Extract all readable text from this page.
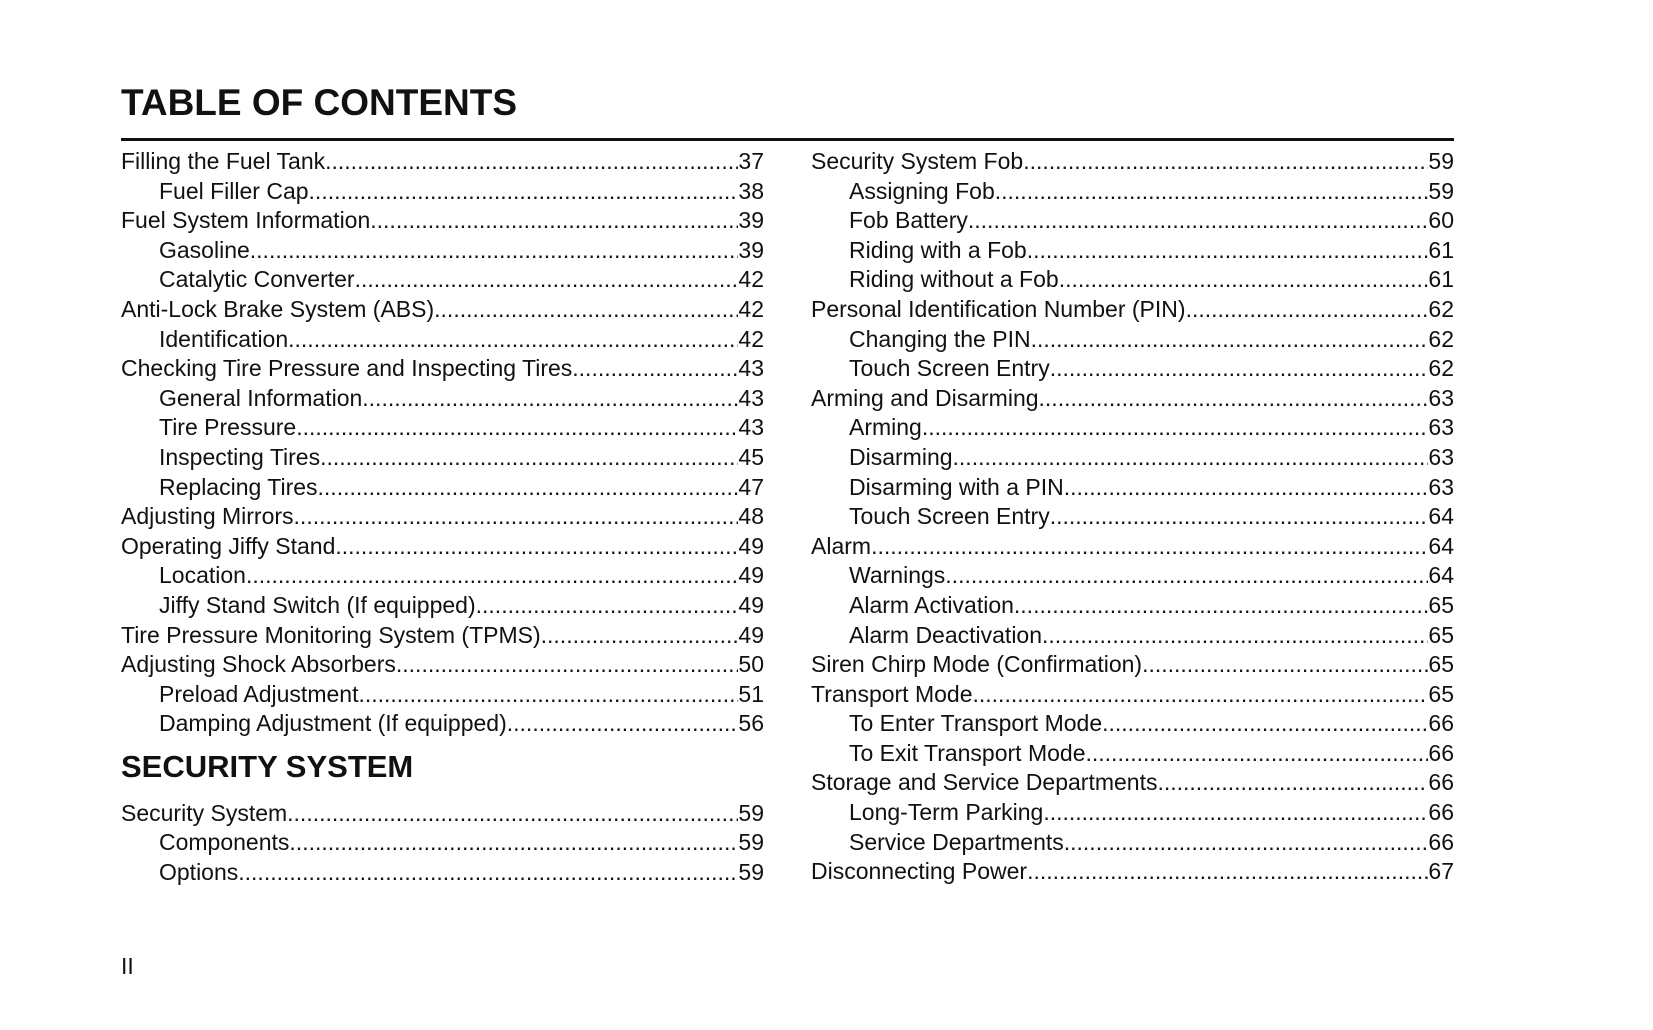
TABLE OF CONTENTS
Filling the Fuel Tank .....	37
Fuel Filler Cap .....	38
Fuel System Information .....	39
Gasoline .....	39
Catalytic Converter .....	42
Anti-Lock Brake System (ABS) .....	42
Identification .....	42
Checking Tire Pressure and Inspecting Tires .....	43
General Information .....	43
Tire Pressure .....	43
Inspecting Tires .....	45
Replacing Tires .....	47
Adjusting Mirrors .....	48
Operating Jiffy Stand .....	49
Location .....	49
Jiffy Stand Switch (If equipped) .....	49
Tire Pressure Monitoring System (TPMS) .....	49
Adjusting Shock Absorbers .....	50
Preload Adjustment .....	51
Damping Adjustment (If equipped) .....	56
SECURITY SYSTEM
Security System .....	59
Components .....	59
Options .....	59
Security System Fob .....	59
Assigning Fob .....	59
Fob Battery .....	60
Riding with a Fob .....	61
Riding without a Fob .....	61
Personal Identification Number (PIN) .....	62
Changing the PIN .....	62
Touch Screen Entry .....	62
Arming and Disarming .....	63
Arming .....	63
Disarming .....	63
Disarming with a PIN .....	63
Touch Screen Entry .....	64
Alarm .....	64
Warnings .....	64
Alarm Activation .....	65
Alarm Deactivation .....	65
Siren Chirp Mode (Confirmation) .....	65
Transport Mode .....	65
To Enter Transport Mode .....	66
To Exit Transport Mode .....	66
Storage and Service Departments .....	66
Long-Term Parking .....	66
Service Departments .....	66
Disconnecting Power .....	67
II
